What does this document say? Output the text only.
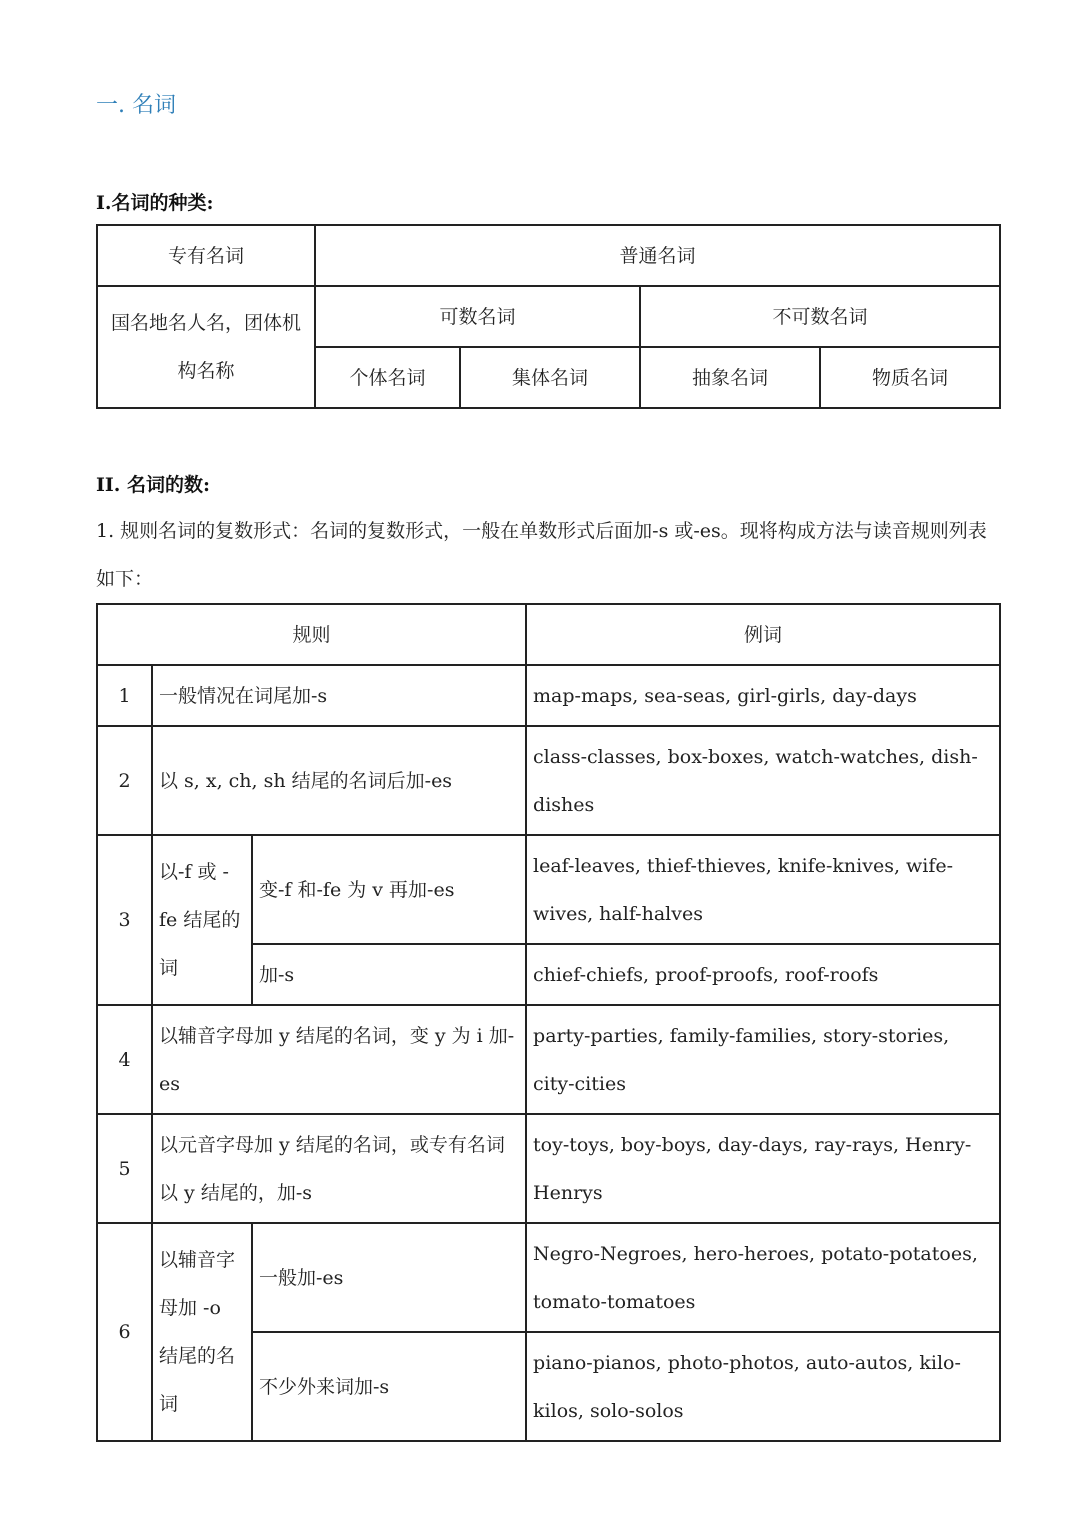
一. 名词
I.名词的种类:
专有名词	普通名词			
国名地名人名，团体机构名称	可数名词		不可数名词	
	个体名词	集体名词	抽象名词	物质名词
II. 名词的数:
1. 规则名词的复数形式：名词的复数形式，一般在单数形式后面加-s 或-es。现将构成方法与读音规则列表如下：
规则			例词
1	一般情况在词尾加-s		map-maps, sea-seas, girl-girls, day-days
2	以 s, x, ch, sh 结尾的名词后加-es		class-classes, box-boxes, watch-watches, dish-dishes
3	以-f 或 -fe 结尾的词	变-f 和-fe 为 v 再加-es	leaf-leaves, thief-thieves, knife-knives, wife-wives, half-halves
		加-s	chief-chiefs, proof-proofs, roof-roofs
4	以辅音字母加 y 结尾的名词，变 y 为 i 加-es		party-parties, family-families, story-stories, city-cities
5	以元音字母加 y 结尾的名词，或专有名词以 y 结尾的，加-s		toy-toys, boy-boys, day-days, ray-rays, Henry-Henrys
6	以辅音字母加 -o 结尾的名词	一般加-es	Negro-Negroes, hero-heroes, potato-potatoes, tomato-tomatoes
		不少外来词加-s	piano-pianos, photo-photos, auto-autos, kilo-kilos, solo-solos
